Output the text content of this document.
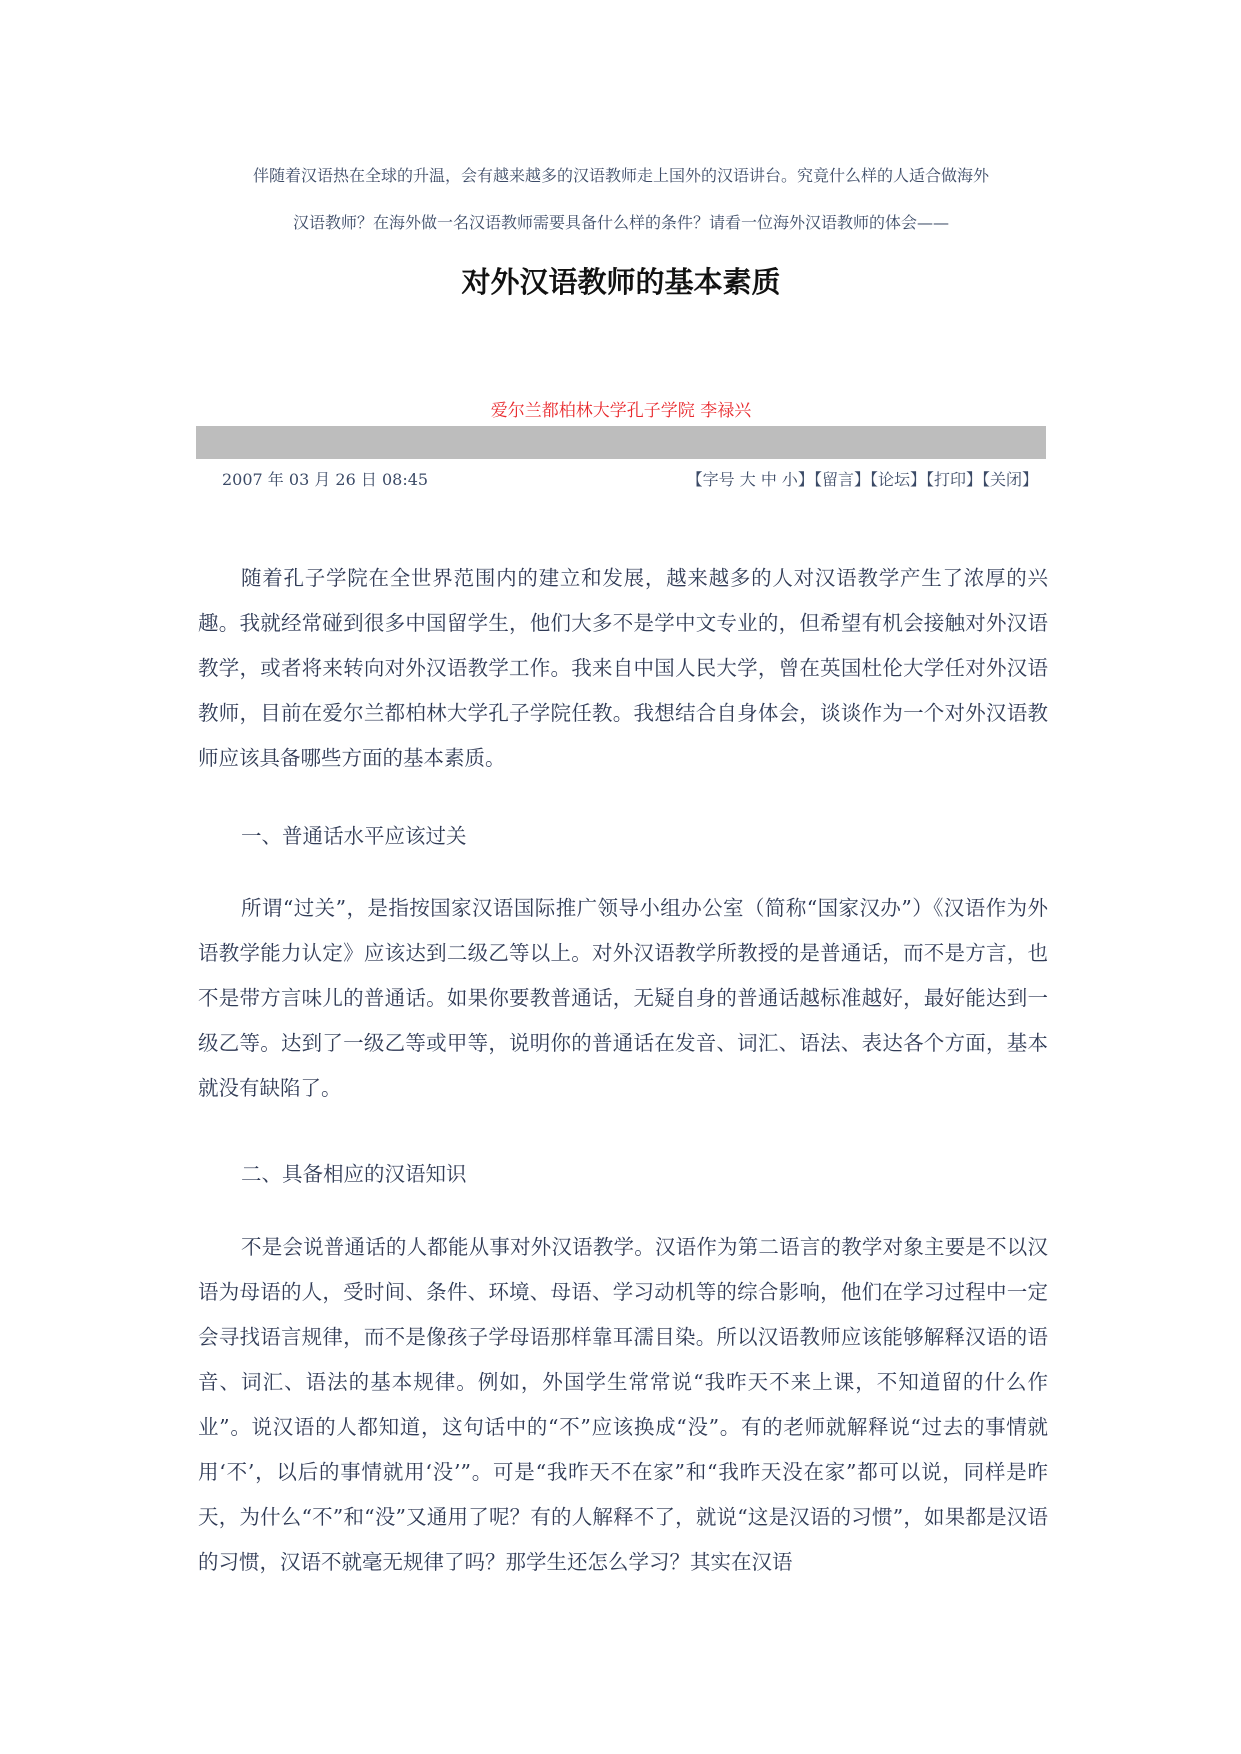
伴随着汉语热在全球的升温，会有越来越多的汉语教师走上国外的汉语讲台。究竟什么样的人适合做海外
汉语教师？在海外做一名汉语教师需要具备什么样的条件？请看一位海外汉语教师的体会——
对外汉语教师的基本素质
爱尔兰都柏林大学孔子学院 李禄兴
2007 年 03 月 26 日 08:45	【字号 大 中 小】【留言】【论坛】【打印】【关闭】

随着孔子学院在全世界范围内的建立和发展，越来越多的人对汉语教学产生了浓厚的兴趣。我就经常碰到很多中国留学生，他们大多不是学中文专业的，但希望有机会接触对外汉语教学，或者将来转向对外汉语教学工作。我来自中国人民大学，曾在英国杜伦大学任对外汉语教师，目前在爱尔兰都柏林大学孔子学院任教。我想结合自身体会，谈谈作为一个对外汉语教师应该具备哪些方面的基本素质。

一、普通话水平应该过关

所谓“过关”，是指按国家汉语国际推广领导小组办公室（简称“国家汉办”）《汉语作为外语教学能力认定》应该达到二级乙等以上。对外汉语教学所教授的是普通话，而不是方言，也不是带方言味儿的普通话。如果你要教普通话，无疑自身的普通话越标准越好，最好能达到一级乙等。达到了一级乙等或甲等，说明你的普通话在发音、词汇、语法、表达各个方面，基本就没有缺陷了。

二、具备相应的汉语知识

不是会说普通话的人都能从事对外汉语教学。汉语作为第二语言的教学对象主要是不以汉语为母语的人，受时间、条件、环境、母语、学习动机等的综合影响，他们在学习过程中一定会寻找语言规律，而不是像孩子学母语那样靠耳濡目染。所以汉语教师应该能够解释汉语的语音、词汇、语法的基本规律。例如，外国学生常常说“我昨天不来上课，不知道留的什么作业”。说汉语的人都知道，这句话中的“不”应该换成“没”。有的老师就解释说“过去的事情就用‘不’，以后的事情就用‘没’”。可是“我昨天不在家”和“我昨天没在家”都可以说，同样是昨天，为什么“不”和“没”又通用了呢？有的人解释不了，就说“这是汉语的习惯”，如果都是汉语的习惯，汉语不就毫无规律了吗？那学生还怎么学习？其实在汉语
